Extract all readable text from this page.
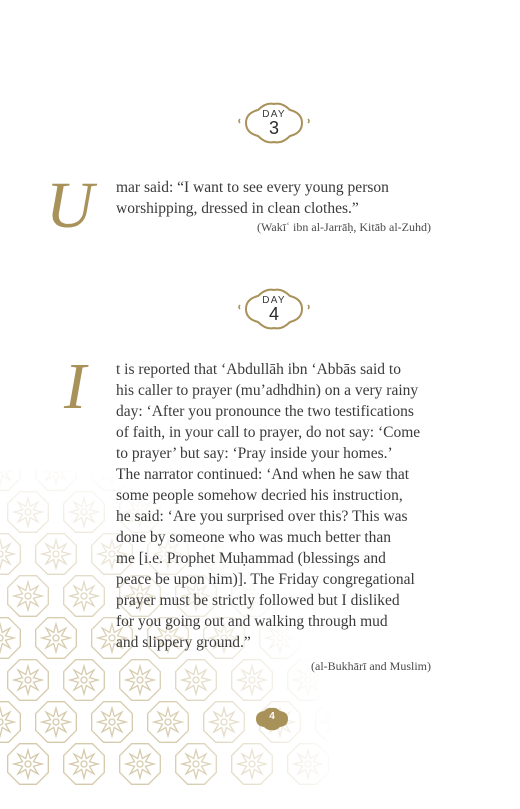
DAY
3
U mar said: “I want to see every young person
worshipping, dressed in clean clothes.”
(Wakīʿ ibn al-Jarrāḥ, Kitāb al-Zuhd)
DAY
4
I t is reported that ‘Abdullāh ibn ‘Abbās said to
his caller to prayer (mu’adhdhin) on a very rainy
day: ‘After you pronounce the two testifications
of faith, in your call to prayer, do not say: ‘Come
to prayer’ but say: ‘Pray inside your homes.’
The narrator continued: ‘And when he saw that
some people somehow decried his instruction,
he said: ‘Are you surprised over this? This was
done by someone who was much better than
me [i.e. Prophet Muḥammad (blessings and
peace be upon him)]. The Friday congregational
prayer must be strictly followed but I disliked
for you going out and walking through mud
and slippery ground.”
(al-Bukhārī and Muslim)
4
